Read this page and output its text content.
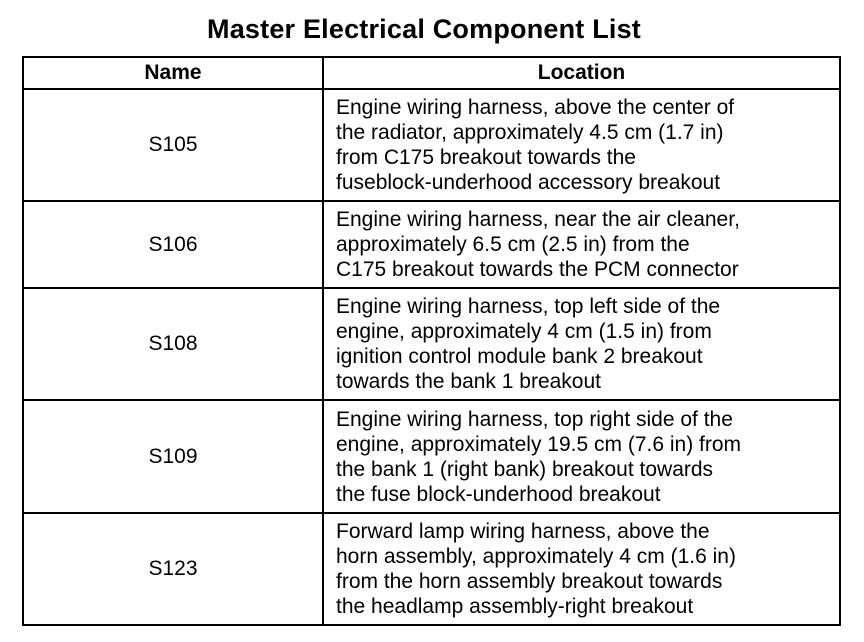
Master Electrical Component List
Name	Location
S105	Engine wiring harness, above the center of
the radiator, approximately 4.5 cm (1.7 in)
from C175 breakout towards the
fuseblock-underhood accessory breakout

S106	Engine wiring harness, near the air cleaner,
approximately 6.5 cm (2.5 in) from the
C175 breakout towards the PCM connector

S108	Engine wiring harness, top left side of the
engine, approximately 4 cm (1.5 in) from
ignition control module bank 2 breakout
towards the bank 1 breakout

S109	Engine wiring harness, top right side of the
engine, approximately 19.5 cm (7.6 in) from
the bank 1 (right bank) breakout towards
the fuse block-underhood breakout

S123	Forward lamp wiring harness, above the
horn assembly, approximately 4 cm (1.6 in)
from the horn assembly breakout towards
the headlamp assembly-right breakout
